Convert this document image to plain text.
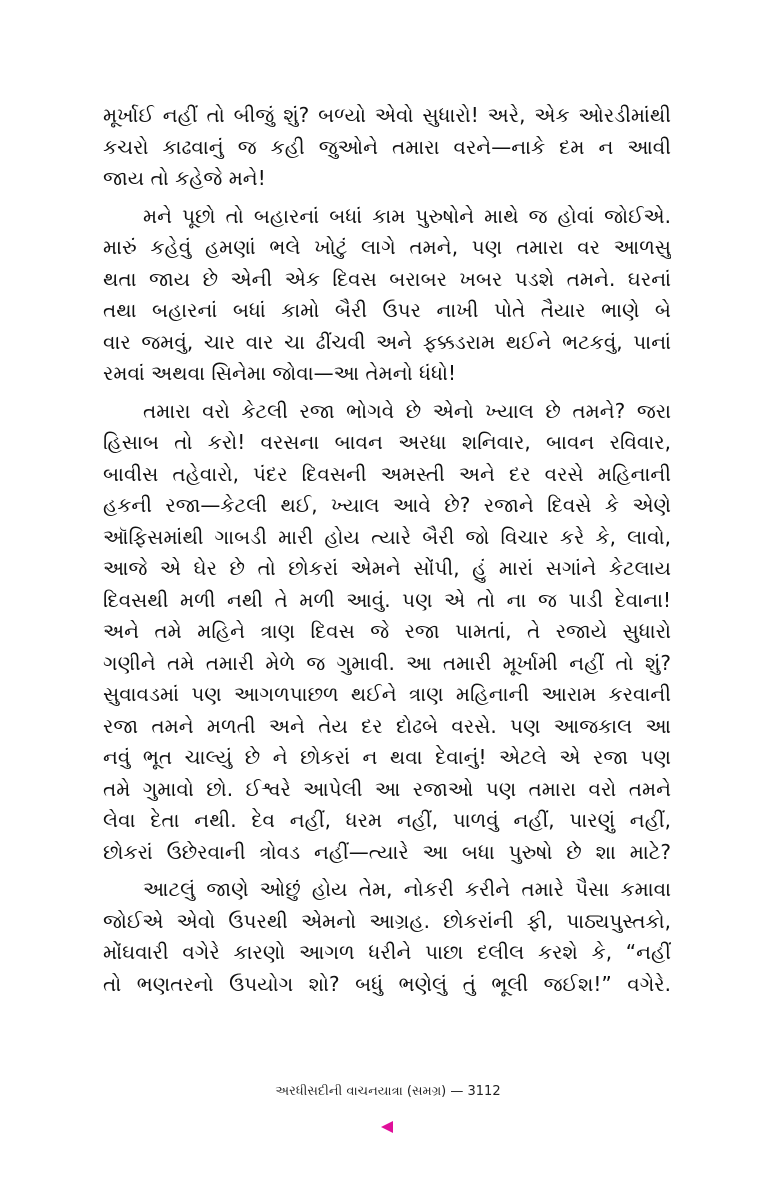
મૂર્ખાઈ નહીં તો બીજું શું? બળ્યો એવો સુધારો! અરે, એક ઓરડીમાંથી
કચરો કાઢવાનું જ કહી જુઓને તમારા વરને—નાકે દમ ન આવી
જાય તો કહેજે મને!
મને પૂછો તો બહારનાં બધાં કામ પુરુષોને માથે જ હોવાં જોઈએ.
મારું કહેવું હમણાં ભલે ખોટું લાગે તમને, પણ તમારા વર આળસુ
થતા જાય છે એની એક દિવસ બરાબર ખબર પડશે તમને. ઘરનાં
તથા બહારનાં બધાં કામો બૈરી ઉપર નાખી પોતે તૈયાર ભાણે બે
વાર જમવું, ચાર વાર ચા ઢીંચવી અને ફક્કડરામ થઈને ભટકવું, પાનાં
રમવાં અથવા સિનેમા જોવા—આ તેમનો ધંધો!
તમારા વરો કેટલી રજા ભોગવે છે એનો ખ્યાલ છે તમને? જરા
હિસાબ તો કરો! વરસના બાવન અરધા શનિવાર, બાવન રવિવાર,
બાવીસ તહેવારો, પંદર દિવસની અમસ્તી અને દર વરસે મહિનાની
હકની રજા—કેટલી થઈ, ખ્યાલ આવે છે? રજાને દિવસે કે એણે
ઑફિસમાંથી ગાબડી મારી હોય ત્યારે બૈરી જો વિચાર કરે કે, લાવો,
આજે એ ઘેર છે તો છોકરાં એમને સોંપી, હું મારાં સગાંને કેટલાય
દિવસથી મળી નથી તે મળી આવું. પણ એ તો ના જ પાડી દેવાના!
અને તમે મહિને ત્રાણ દિવસ જે રજા પામતાં, તે રજાયે સુધારો
ગણીને તમે તમારી મેળે જ ગુમાવી. આ તમારી મૂર્ખામી નહીં તો શું?
સુવાવડમાં પણ આગળપાછળ થઈને ત્રાણ મહિનાની આરામ કરવાની
રજા તમને મળતી અને તેય દર દોઢબે વરસે. પણ આજકાલ આ
નવું ભૂત ચાલ્યું છે ને છોકરાં ન થવા દેવાનું! એટલે એ રજા પણ
તમે ગુમાવો છો. ઈશ્વરે આપેલી આ રજાઓ પણ તમારા વરો તમને
લેવા દેતા નથી. દેવ નહીં, ધરમ નહીં, પાળવું નહીં, પારણું નહીં,
છોકરાં ઉછેરવાની ત્રોવડ નહીં—ત્યારે આ બધા પુરુષો છે શા માટે?
આટલું જાણે ઓછું હોય તેમ, નોકરી કરીને તમારે પૈસા કમાવા
જોઈએ એવો ઉપરથી એમનો આગ્રહ. છોકરાંની ફી, પાઠ્યપુસ્તકો,
મોંઘવારી વગેરે કારણો આગળ ધરીને પાછા દલીલ કરશે કે, “નહીં
તો ભણતરનો ઉપયોગ શો? બધું ભણેલું તું ભૂલી જઈશ!” વગેરે.
અરધીસદીની વાચનયાત્રા (સમગ્ર) — 3112
